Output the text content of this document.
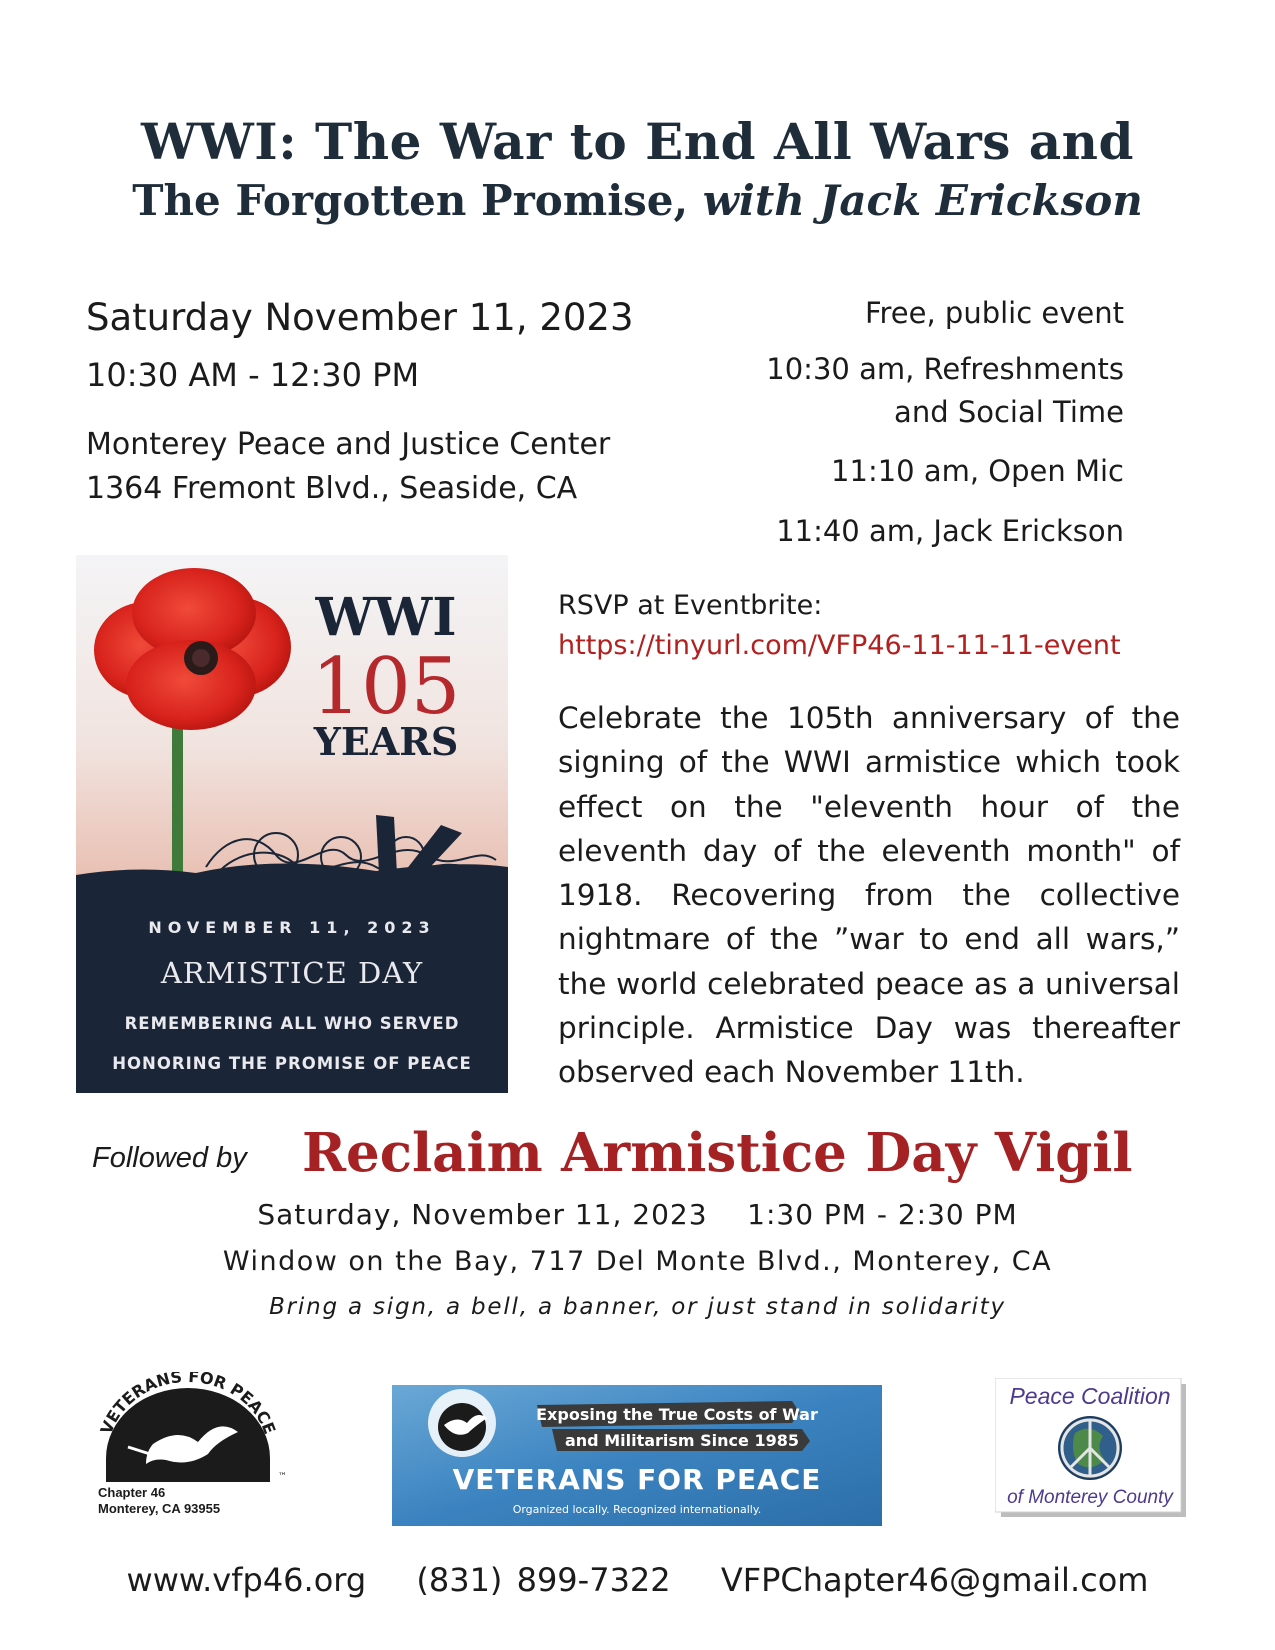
WWI: The War to End All Wars and
The Forgotten Promise, with Jack Erickson
Saturday November 11, 2023
10:30 AM - 12:30 PM
Monterey Peace and Justice Center
1364 Fremont Blvd., Seaside, CA
Free, public event
10:30 am, Refreshments
and Social Time
11:10 am, Open Mic
11:40 am, Jack Erickson
WWI
105
YEARS
NOVEMBER 11, 2023
ARMISTICE DAY
REMEMBERING ALL WHO SERVED
HONORING THE PROMISE OF PEACE
RSVP at Eventbrite:
https://tinyurl.com/VFP46-11-11-11-event
Celebrate the 105th anniversary of the signing of the WWI armistice which took effect on the "eleventh hour of the eleventh day of the eleventh month" of 1918. Recovering from the collective nightmare of the ”war to end all wars,” the world celebrated peace as a universal principle. Armistice Day was thereafter observed each November 11th.
Followed by Reclaim Armistice Day Vigil
Saturday, November 11, 2023    1:30 PM - 2:30 PM
Window on the Bay, 717 Del Monte Blvd., Monterey, CA
Bring a sign, a bell, a banner, or just stand in solidarity
VETERANS FOR PEACE
™
Chapter 46
Monterey, CA 93955
Exposing the True Costs of War
and Militarism Since 1985
VETERANS FOR PEACE
Organized locally. Recognized internationally.
Peace Coalition
of Monterey County
www.vfp46.org (831) 899-7322 VFPChapter46@gmail.com
